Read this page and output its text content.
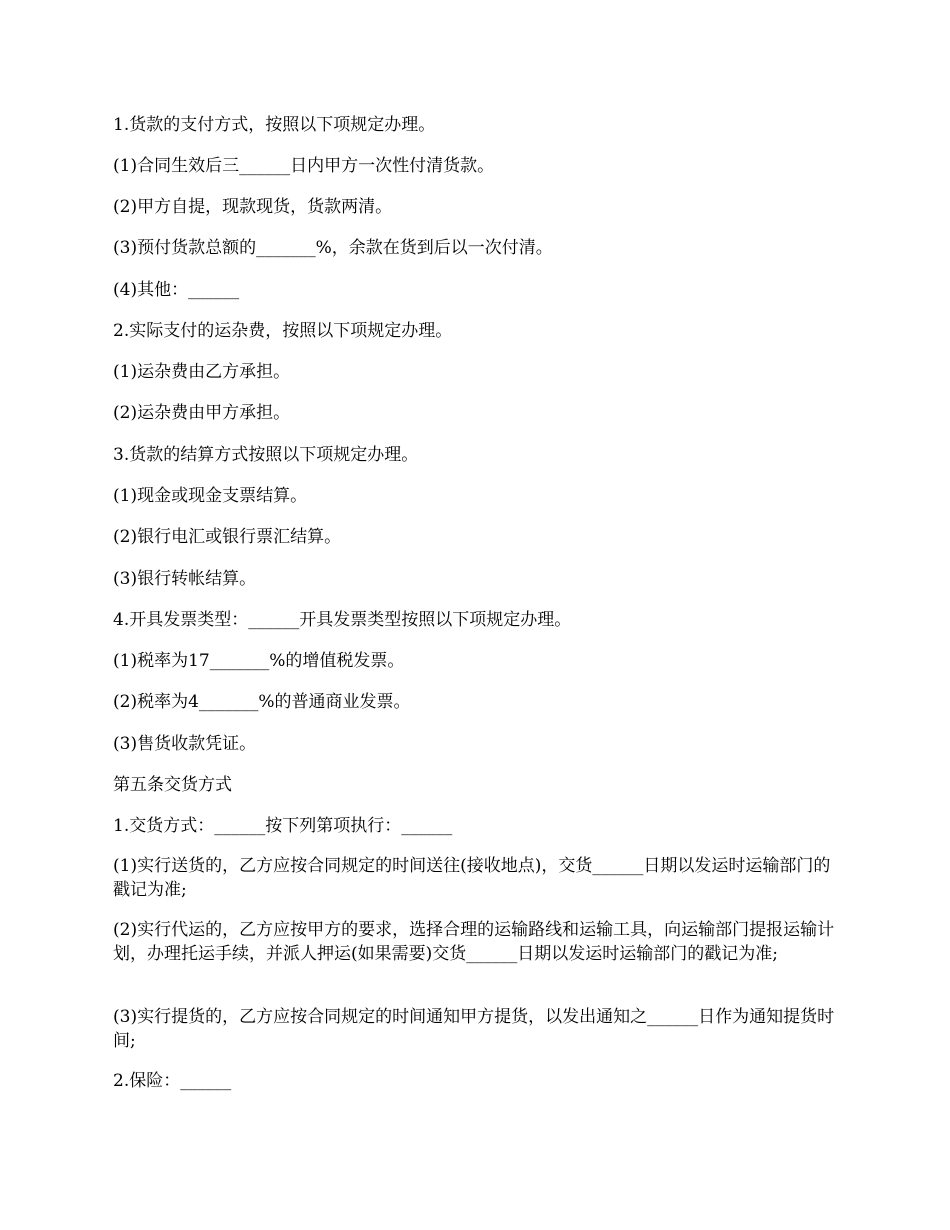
1.货款的支付方式，按照以下项规定办理。

(1)合同生效后三______日内甲方一次性付清货款。

(2)甲方自提，现款现货，货款两清。

(3)预付货款总额的_______%，余款在货到后以一次付清。

(4)其他：______

2.实际支付的运杂费，按照以下项规定办理。

(1)运杂费由乙方承担。

(2)运杂费由甲方承担。

3.货款的结算方式按照以下项规定办理。

(1)现金或现金支票结算。

(2)银行电汇或银行票汇结算。

(3)银行转帐结算。

4.开具发票类型：______开具发票类型按照以下项规定办理。

(1)税率为17_______%的增值税发票。

(2)税率为4_______%的普通商业发票。

(3)售货收款凭证。

第五条交货方式

1.交货方式：______按下列第项执行：______

(1)实行送货的，乙方应按合同规定的时间送往(接收地点)，交货______日期以发运时运输部门的戳记为准;

(2)实行代运的，乙方应按甲方的要求，选择合理的运输路线和运输工具，向运输部门提报运输计划，办理托运手续，并派人押运(如果需要)交货______日期以发运时运输部门的戳记为准;

(3)实行提货的，乙方应按合同规定的时间通知甲方提货，以发出通知之______日作为通知提货时间;

2.保险：______
